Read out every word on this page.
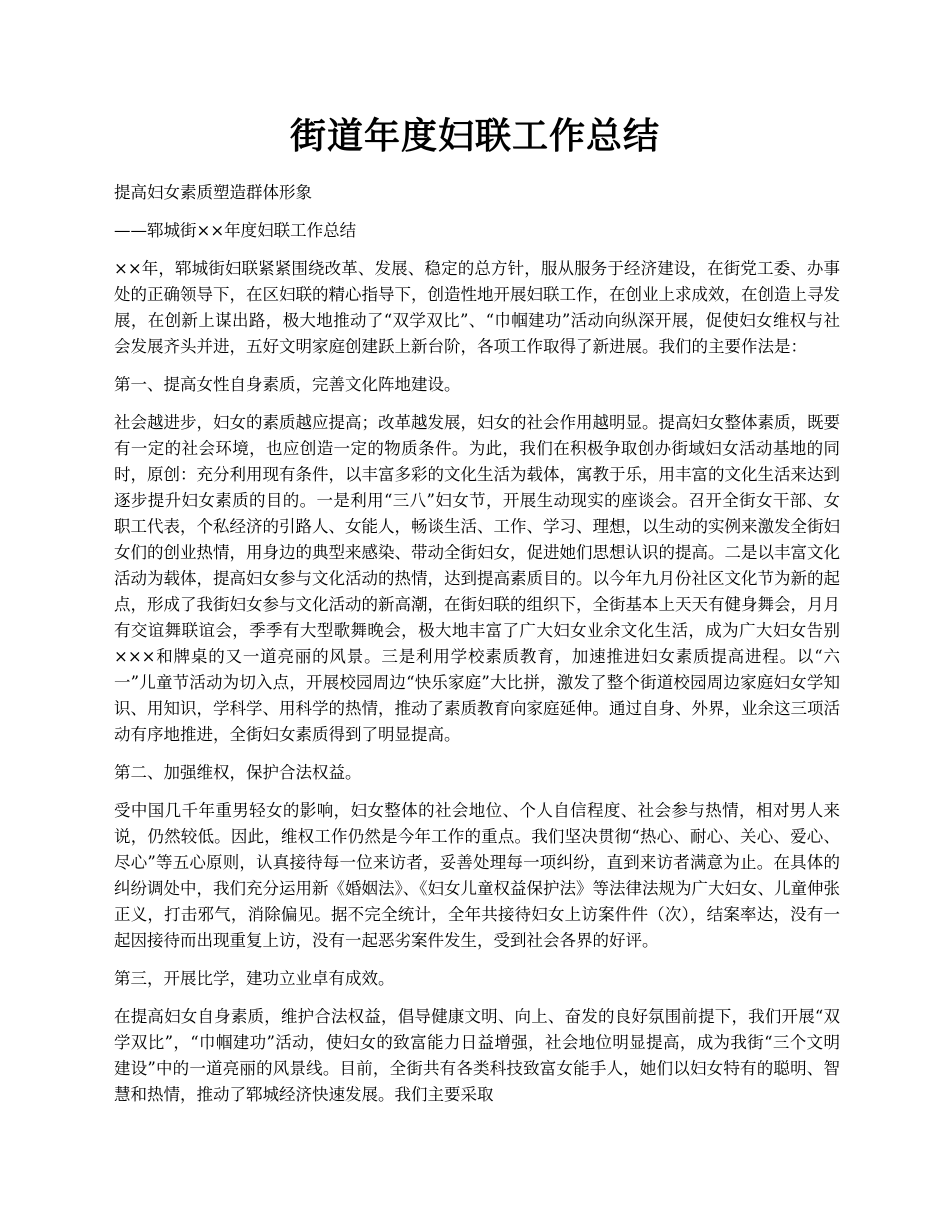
街道年度妇联工作总结

提高妇女素质塑造群体形象

——郓城街××年度妇联工作总结

××年，郓城街妇联紧紧围绕改革、发展、稳定的总方针，服从服务于经济建设，在街党工委、办事处的正确领导下，在区妇联的精心指导下，创造性地开展妇联工作，在创业上求成效，在创造上寻发展，在创新上谋出路，极大地推动了“双学双比”、“巾帼建功”活动向纵深开展，促使妇女维权与社会发展齐头并进，五好文明家庭创建跃上新台阶，各项工作取得了新进展。我们的主要作法是：

第一、提高女性自身素质，完善文化阵地建设。

社会越进步，妇女的素质越应提高；改革越发展，妇女的社会作用越明显。提高妇女整体素质，既要有一定的社会环境，也应创造一定的物质条件。为此，我们在积极争取创办街域妇女活动基地的同时，原创：充分利用现有条件，以丰富多彩的文化生活为载体，寓教于乐，用丰富的文化生活来达到逐步提升妇女素质的目的。一是利用“三八”妇女节，开展生动现实的座谈会。召开全街女干部、女职工代表，个私经济的引路人、女能人，畅谈生活、工作、学习、理想，以生动的实例来激发全街妇女们的创业热情，用身边的典型来感染、带动全街妇女，促进她们思想认识的提高。二是以丰富文化活动为载体，提高妇女参与文化活动的热情，达到提高素质目的。以今年九月份社区文化节为新的起点，形成了我街妇女参与文化活动的新高潮，在街妇联的组织下，全街基本上天天有健身舞会，月月有交谊舞联谊会，季季有大型歌舞晚会，极大地丰富了广大妇女业余文化生活，成为广大妇女告别×××和牌桌的又一道亮丽的风景。三是利用学校素质教育，加速推进妇女素质提高进程。以“六一”儿童节活动为切入点，开展校园周边“快乐家庭”大比拼，激发了整个街道校园周边家庭妇女学知识、用知识，学科学、用科学的热情，推动了素质教育向家庭延伸。通过自身、外界，业余这三项活动有序地推进，全街妇女素质得到了明显提高。

第二、加强维权，保护合法权益。

受中国几千年重男轻女的影响，妇女整体的社会地位、个人自信程度、社会参与热情，相对男人来说，仍然较低。因此，维权工作仍然是今年工作的重点。我们坚决贯彻“热心、耐心、关心、爱心、尽心”等五心原则，认真接待每一位来访者，妥善处理每一项纠纷，直到来访者满意为止。在具体的纠纷调处中，我们充分运用新《婚姻法》、《妇女儿童权益保护法》等法律法规为广大妇女、儿童伸张正义，打击邪气，消除偏见。据不完全统计，全年共接待妇女上访案件件（次），结案率达，没有一起因接待而出现重复上访，没有一起恶劣案件发生，受到社会各界的好评。

第三，开展比学，建功立业卓有成效。

在提高妇女自身素质，维护合法权益，倡导健康文明、向上、奋发的良好氛围前提下，我们开展“双学双比”，“巾帼建功”活动，使妇女的致富能力日益增强，社会地位明显提高，成为我街“三个文明建设”中的一道亮丽的风景线。目前，全街共有各类科技致富女能手人，她们以妇女特有的聪明、智慧和热情，推动了郓城经济快速发展。我们主要采取
